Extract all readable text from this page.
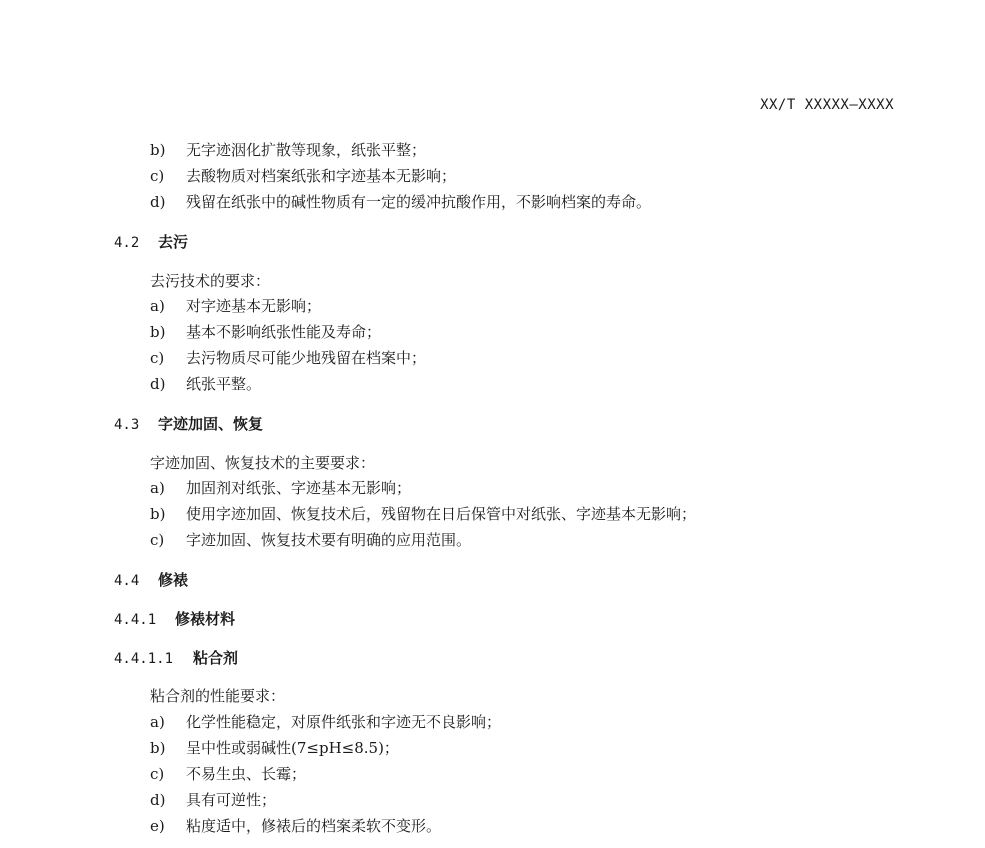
XX/T XXXXX—XXXX
b) 无字迹洇化扩散等现象，纸张平整；
c) 去酸物质对档案纸张和字迹基本无影响；
d) 残留在纸张中的碱性物质有一定的缓冲抗酸作用，不影响档案的寿命。
4.2 去污
去污技术的要求：
a) 对字迹基本无影响；
b) 基本不影响纸张性能及寿命；
c) 去污物质尽可能少地残留在档案中；
d) 纸张平整。
4.3 字迹加固、恢复
字迹加固、恢复技术的主要要求：
a) 加固剂对纸张、字迹基本无影响；
b) 使用字迹加固、恢复技术后，残留物在日后保管中对纸张、字迹基本无影响；
c) 字迹加固、恢复技术要有明确的应用范围。
4.4 修裱
4.4.1 修裱材料
4.4.1.1 粘合剂
粘合剂的性能要求：
a) 化学性能稳定，对原件纸张和字迹无不良影响；
b) 呈中性或弱碱性(7≤pH≤8.5)；
c) 不易生虫、长霉；
d) 具有可逆性；
e) 粘度适中，修裱后的档案柔软不变形。
